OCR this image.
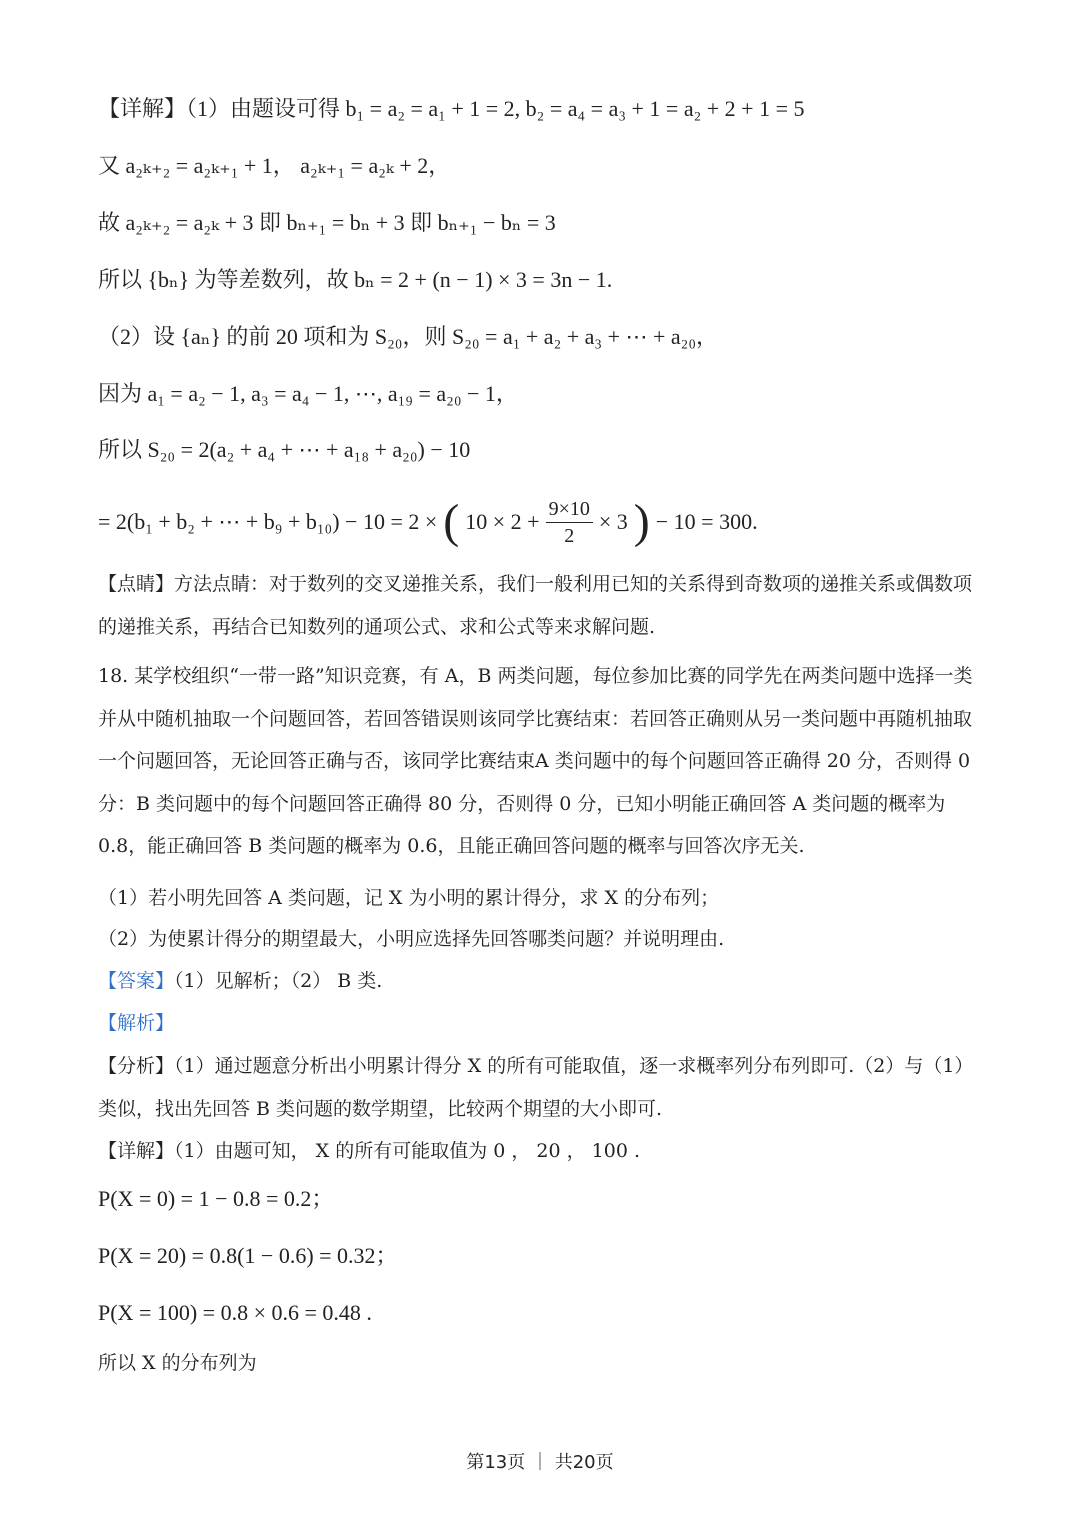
【详解】（1）由题设可得 b₁ = a₂ = a₁ + 1 = 2, b₂ = a₄ = a₃ + 1 = a₂ + 2 + 1 = 5
又 a₂ₖ₊₂ = a₂ₖ₊₁ + 1， a₂ₖ₊₁ = a₂ₖ + 2，
故 a₂ₖ₊₂ = a₂ₖ + 3 即 bₙ₊₁ = bₙ + 3 即 bₙ₊₁ − bₙ = 3
所以 {bₙ} 为等差数列，故 bₙ = 2 + (n − 1) × 3 = 3n − 1.
（2）设 {aₙ} 的前 20 项和为 S₂₀，则 S₂₀ = a₁ + a₂ + a₃ + ⋯ + a₂₀，
因为 a₁ = a₂ − 1, a₃ = a₄ − 1, ⋯, a₁₉ = a₂₀ − 1，
所以 S₂₀ = 2(a₂ + a₄ + ⋯ + a₁₈ + a₂₀) − 10
= 2(b₁ + b₂ + ⋯ + b₉ + b₁₀) − 10 = 2 × ( $10 \times 2 + \frac{9\times 10}{2} \times 3$ ) − 10 = 300.
【点睛】方法点睛：对于数列的交叉递推关系，我们一般利用已知的关系得到奇数项的递推关系或偶数项的递推关系，再结合已知数列的通项公式、求和公式等来求解问题.
18. 某学校组织“一带一路”知识竞赛，有 A，B 两类问题，每位参加比赛的同学先在两类问题中选择一类并从中随机抽取一个问题回答，若回答错误则该同学比赛结束：若回答正确则从另一类问题中再随机抽取一个问题回答，无论回答正确与否，该同学比赛结束A 类问题中的每个问题回答正确得 20 分，否则得 0 分：B 类问题中的每个问题回答正确得 80 分，否则得 0 分，已知小明能正确回答 A 类问题的概率为 0.8，能正确回答 B 类问题的概率为 0.6，且能正确回答问题的概率与回答次序无关.
（1）若小明先回答 A 类问题，记 X 为小明的累计得分，求 X 的分布列；
（2）为使累计得分的期望最大，小明应选择先回答哪类问题？并说明理由.
【答案】（1）见解析；（2） B 类.
【解析】
【分析】（1）通过题意分析出小明累计得分 X 的所有可能取值，逐一求概率列分布列即可.（2）与（1）类似，找出先回答 B 类问题的数学期望，比较两个期望的大小即可.
【详解】（1）由题可知， X 的所有可能取值为 0 ， 20 ， 100 .
P(X = 0) = 1 − 0.8 = 0.2；
P(X = 20) = 0.8(1 − 0.6) = 0.32；
P(X = 100) = 0.8 × 0.6 = 0.48 .
所以 X 的分布列为
第13页 ｜ 共20页
